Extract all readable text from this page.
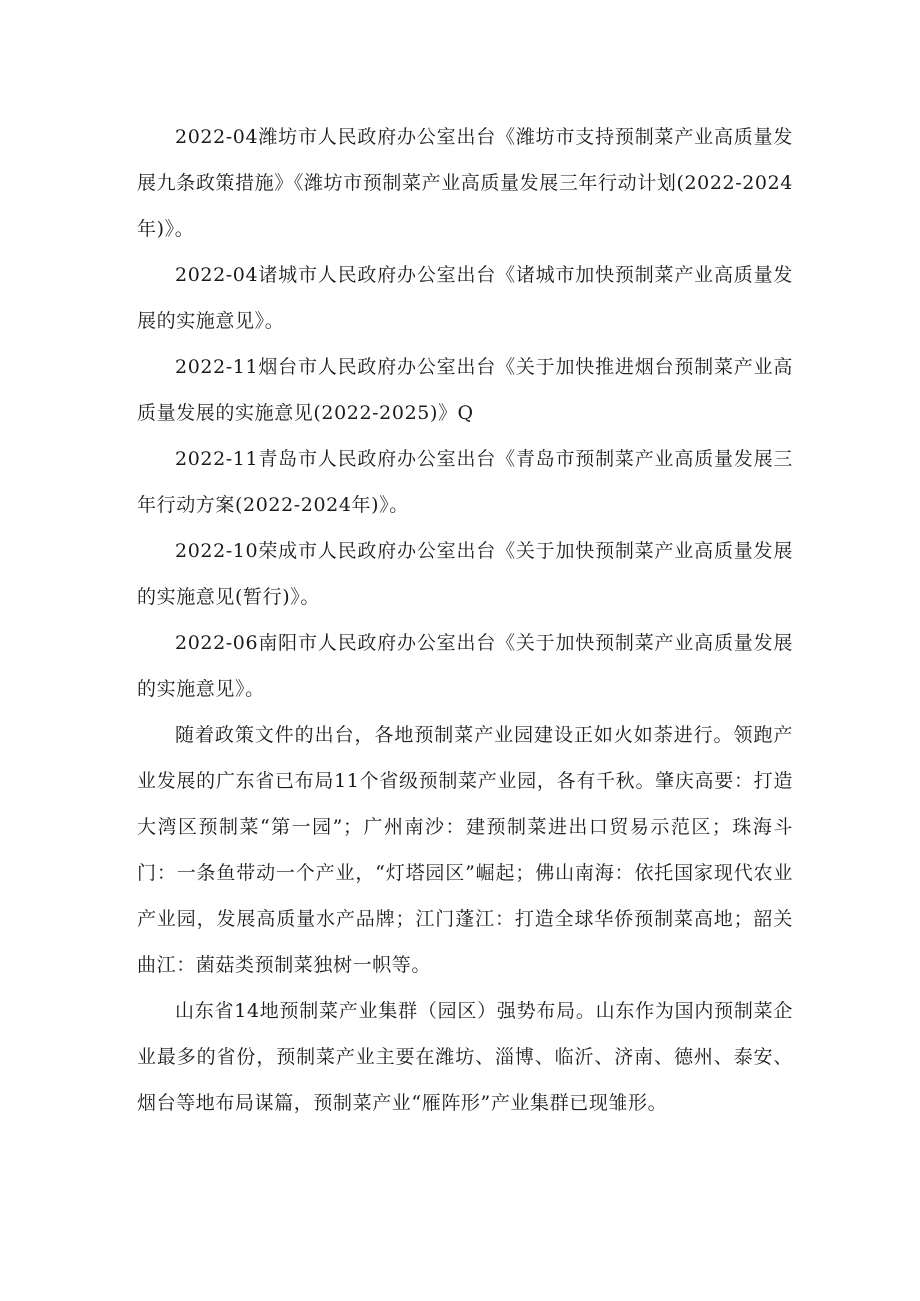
2022-04潍坊市人民政府办公室出台《潍坊市支持预制菜产业高质量发展九条政策措施》《潍坊市预制菜产业高质量发展三年行动计划(2022-2024年)》。

2022-04诸城市人民政府办公室出台《诸城市加快预制菜产业高质量发展的实施意见》。

2022-11烟台市人民政府办公室出台《关于加快推进烟台预制菜产业高质量发展的实施意见(2022-2025)》Q

2022-11青岛市人民政府办公室出台《青岛市预制菜产业高质量发展三年行动方案(2022-2024年)》。

2022-10荣成市人民政府办公室出台《关于加快预制菜产业高质量发展的实施意见(暂行)》。

2022-06南阳市人民政府办公室出台《关于加快预制菜产业高质量发展的实施意见》。

随着政策文件的出台，各地预制菜产业园建设正如火如荼进行。领跑产业发展的广东省已布局11个省级预制菜产业园，各有千秋。肇庆高要：打造大湾区预制菜“第一园”；广州南沙：建预制菜进出口贸易示范区；珠海斗门：一条鱼带动一个产业，“灯塔园区”崛起；佛山南海：依托国家现代农业产业园，发展高质量水产品牌；江门蓬江：打造全球华侨预制菜高地；韶关曲江：菌菇类预制菜独树一帜等。

山东省14地预制菜产业集群（园区）强势布局。山东作为国内预制菜企业最多的省份，预制菜产业主要在潍坊、淄博、临沂、济南、德州、泰安、烟台等地布局谋篇，预制菜产业“雁阵形”产业集群已现雏形。
